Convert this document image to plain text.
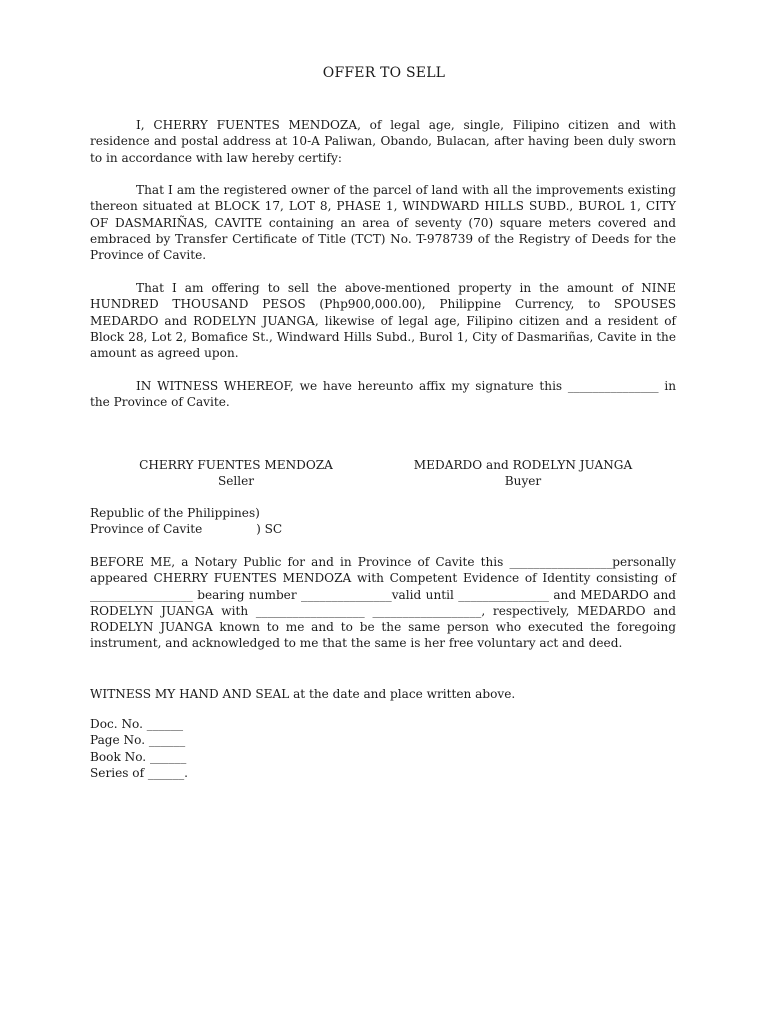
OFFER TO SELL

I, CHERRY FUENTES MENDOZA, of legal age, single, Filipino citizen and with residence and postal address at 10-A Paliwan, Obando, Bulacan, after having been duly sworn to in accordance with law hereby certify:

That I am the registered owner of the parcel of land with all the improvements existing thereon situated at BLOCK 17, LOT 8, PHASE 1, WINDWARD HILLS SUBD., BUROL 1, CITY OF DASMARIÑAS, CAVITE containing an area of seventy (70) square meters covered and embraced by Transfer Certificate of Title (TCT) No. T-978739 of the Registry of Deeds for the Province of Cavite.

That I am offering to sell the above-mentioned property in the amount of NINE HUNDRED THOUSAND PESOS (Php900,000.00), Philippine Currency, to SPOUSES MEDARDO and RODELYN JUANGA, likewise of legal age, Filipino citizen and a resident of Block 28, Lot 2, Bomafice St., Windward Hills Subd., Burol 1, City of Dasmariñas, Cavite in the amount as agreed upon.

IN WITNESS WHEREOF, we have hereunto affix my signature this _______________ in the Province of Cavite.

CHERRY FUENTES MENDOZA
Seller
MEDARDO and RODELYN JUANGA
Buyer
Republic of the Philippines)
Province of Cavite              ) SC

BEFORE ME, a Notary Public for and in Province of Cavite this _________________personally appeared CHERRY FUENTES MENDOZA with Competent Evidence of Identity consisting of _________________ bearing number _______________valid until _______________ and MEDARDO and RODELYN JUANGA with __________________ __________________, respectively, MEDARDO and RODELYN JUANGA known to me and to be the same person who executed the foregoing instrument, and acknowledged to me that the same is her free voluntary act and deed.

WITNESS MY HAND AND SEAL at the date and place written above.

Doc. No. ______
Page No. ______
Book No. ______
Series of ______.
